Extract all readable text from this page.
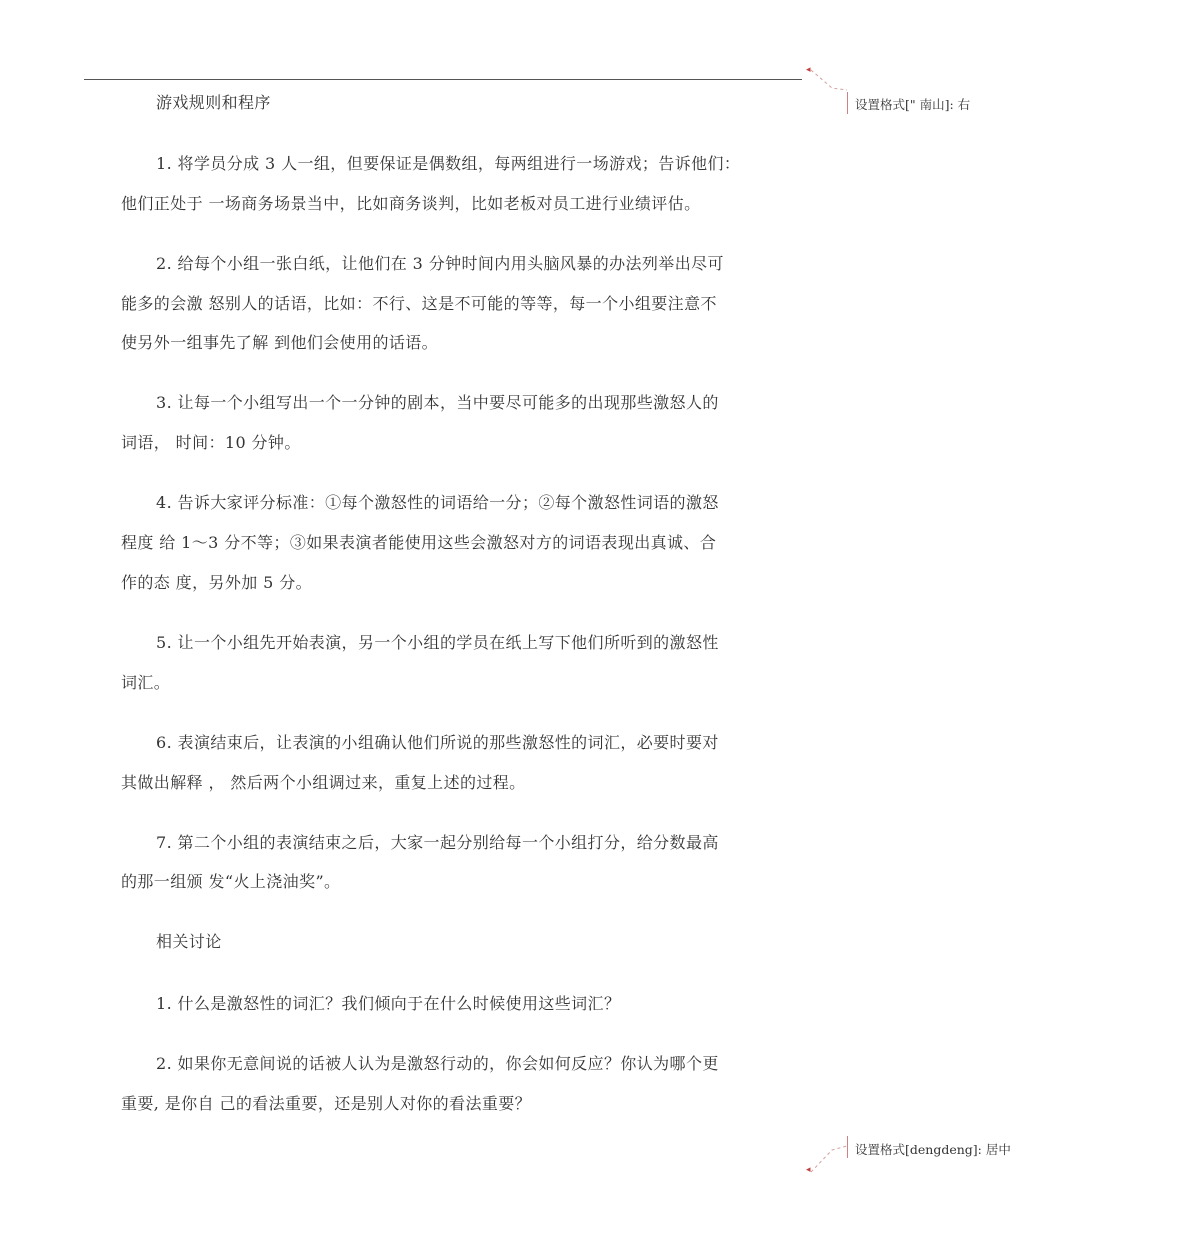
游戏规则和程序
1. 将学员分成 3 人一组，但要保证是偶数组，每两组进行一场游戏；告诉他们：
他们正处于 一场商务场景当中，比如商务谈判，比如老板对员工进行业绩评估。
2. 给每个小组一张白纸，让他们在 3 分钟时间内用头脑风暴的办法列举出尽可
能多的会激 怒别人的话语，比如：不行、这是不可能的等等，每一个小组要注意不
使另外一组事先了解 到他们会使用的话语。
3. 让每一个小组写出一个一分钟的剧本，当中要尽可能多的出现那些激怒人的
词语， 时间：10 分钟。
4. 告诉大家评分标准：①每个激怒性的词语给一分；②每个激怒性词语的激怒
程度 给 1～3 分不等；③如果表演者能使用这些会激怒对方的词语表现出真诚、合
作的态 度，另外加 5 分。
5. 让一个小组先开始表演，另一个小组的学员在纸上写下他们所听到的激怒性
词汇。
6. 表演结束后，让表演的小组确认他们所说的那些激怒性的词汇，必要时要对
其做出解释 ， 然后两个小组调过来，重复上述的过程。
7. 第二个小组的表演结束之后，大家一起分别给每一个小组打分，给分数最高
的那一组颁 发“火上浇油奖”。
相关讨论
1. 什么是激怒性的词汇？我们倾向于在什么时候使用这些词汇？
2. 如果你无意间说的话被人认为是激怒行动的，你会如何反应？你认为哪个更
重要, 是你自 己的看法重要，还是别人对你的看法重要？
◂
设置格式[" 南山]: 右
◂
设置格式[dengdeng]: 居中
